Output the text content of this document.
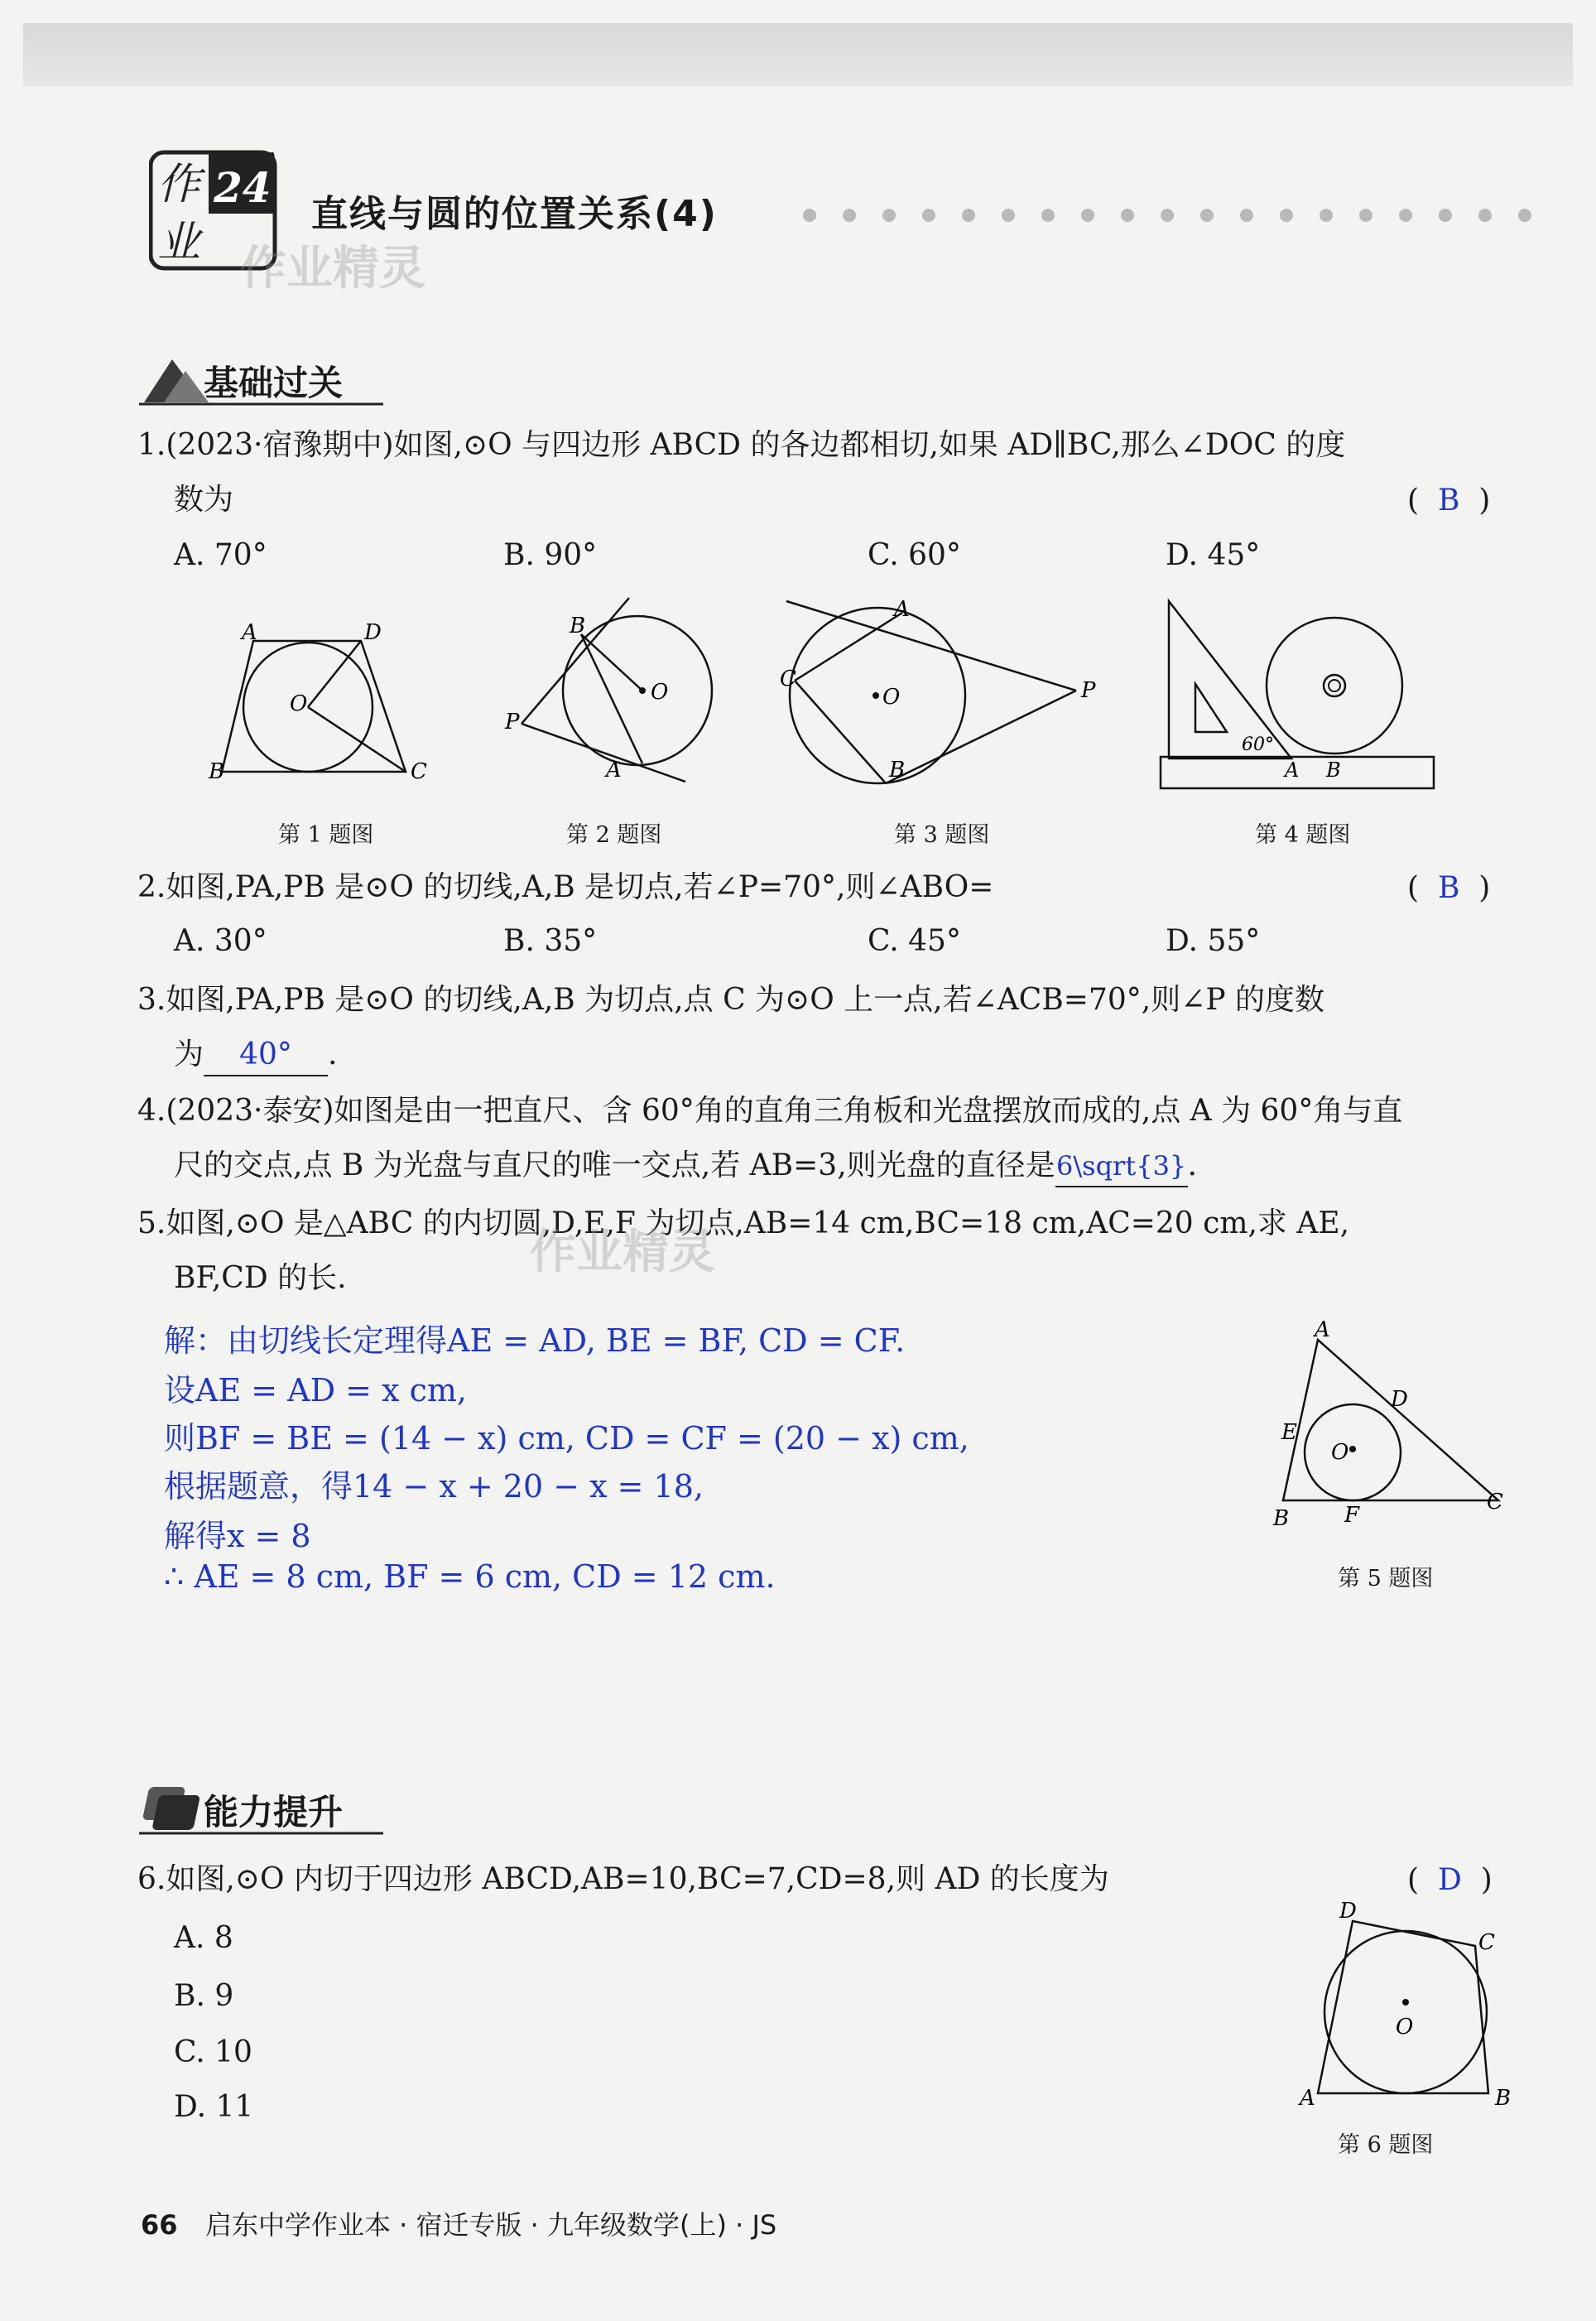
作
业
24
作业精灵
直线与圆的位置关系(4)
基础过关
1.(2023·宿豫期中)如图,⊙O 与四边形 ABCD 的各边都相切,如果 AD∥BC,那么∠DOC 的度
数为	(  B  )
A. 70°	B. 90°	C. 60°	D. 45°
A	D
O
B	C
B
O
P
A
A
C
O	P
B
60°
A B
第 1 题图	第 2 题图	第 3 题图	第 4 题图
2.如图,PA,PB 是⊙O 的切线,A,B 是切点,若∠P=70°,则∠ABO=	(  B  )
A. 30°	B. 35°	C. 45°	D. 55°
3.如图,PA,PB 是⊙O 的切线,A,B 为切点,点 C 为⊙O 上一点,若∠ACB=70°,则∠P 的度数
为 40° .
4.(2023·泰安)如图是由一把直尺、含 60°角的直角三角板和光盘摆放而成的,点 A 为 60°角与直
尺的交点,点 B 为光盘与直尺的唯一交点,若 AB=3,则光盘的直径是6\sqrt{3}.
5.如图,⊙O 是△ABC 的内切圆,D,E,F 为切点,AB=14 cm,BC=18 cm,AC=20 cm,求 AE,
BF,CD 的长.	作业精灵
解：由切线长定理得AE = AD, BE = BF, CD = CF.
设AE = AD = x cm,
则BF = BE = (14 − x) cm, CD = CF = (20 − x) cm,
根据题意，得14 − x + 20 − x = 18,
解得x = 8
∴ AE = 8 cm, BF = 6 cm, CD = 12 cm.
A
D
E
O
B	F
C
第 5 题图
能力提升
6.如图,⊙O 内切于四边形 ABCD,AB=10,BC=7,CD=8,则 AD 的长度为	(  D  )
A. 8
B. 9
C. 10
D. 11
D
C
O
A	B
第 6 题图
66 启东中学作业本 · 宿迁专版 · 九年级数学(上) · JS
